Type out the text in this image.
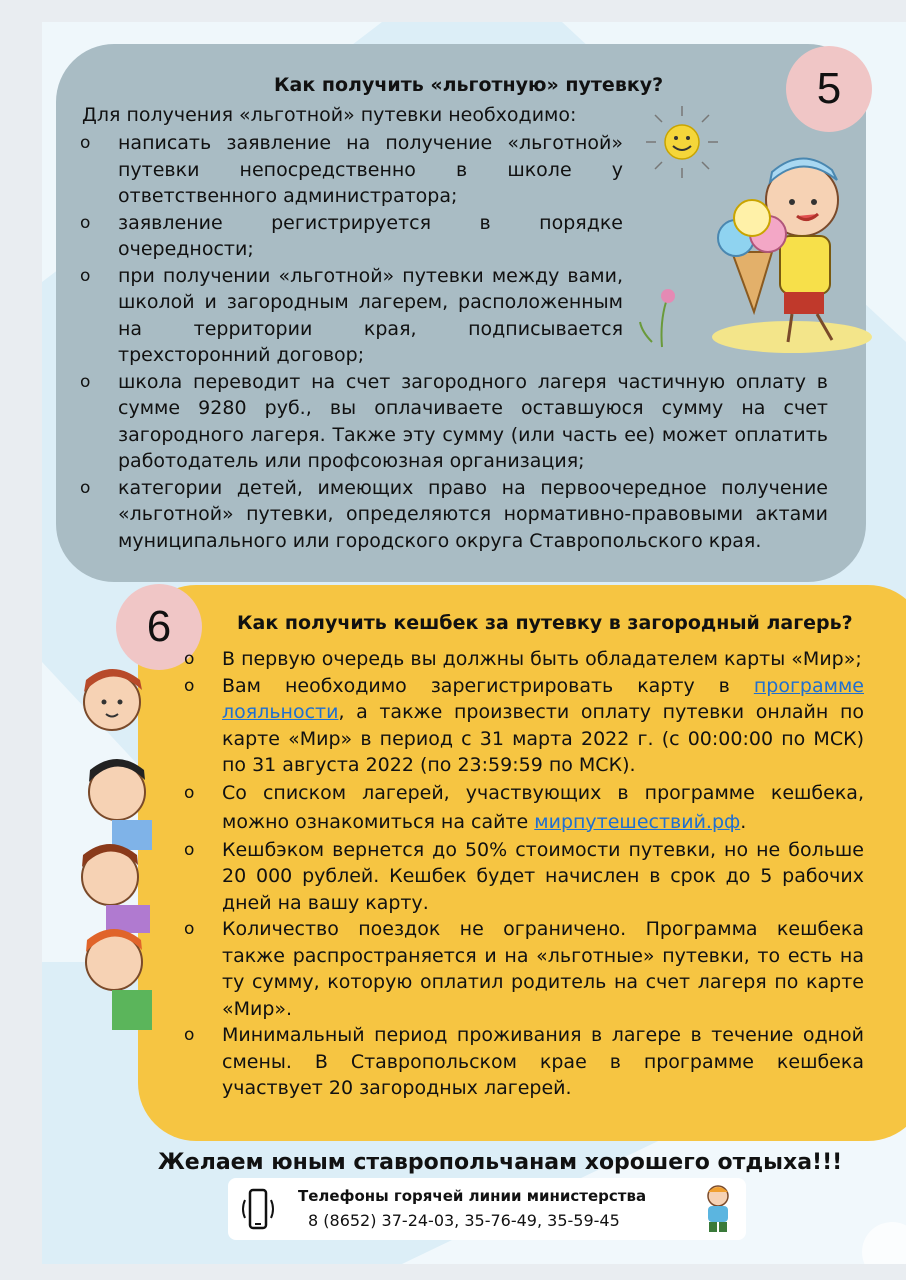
5
Как получить «льготную» путевку?
Для получения «льготной» путевки необходимо:
o написать заявление на получение «льготной» путевки непосредственно в школе у ответственного администратора;
o заявление регистрируется в порядке очередности;
o при получении «льготной» путевки между вами, школой и загородным лагерем, расположенным на территории края, подписывается трехсторонний договор;
o школа переводит на счет загородного лагеря частичную оплату в сумме 9280 руб., вы оплачиваете оставшуюся сумму на счет загородного лагеря. Также эту сумму (или часть ее) может оплатить работодатель или профсоюзная организация;
o категории детей, имеющих право на первоочередное получение «льготной» путевки, определяются нормативно-правовыми актами муниципального или городского округа Ставропольского края.
6	Как получить кешбек за путевку в загородный лагерь?
o В первую очередь вы должны быть обладателем карты «Мир»;
o Вам необходимо зарегистрировать карту в программе лояльности, а также произвести оплату путевки онлайн по карте «Мир» в период с 31 марта 2022 г. (с 00:00:00 по МСК) по 31 августа 2022 (по 23:59:59 по МСК).
o Со списком лагерей, участвующих в программе кешбека, можно ознакомиться на сайте мирпутешествий.рф.
o Кешбэком вернется до 50% стоимости путевки, но не больше 20 000 рублей. Кешбек будет начислен в срок до 5 рабочих дней на вашу карту.
o Количество поездок не ограничено. Программа кешбека также распространяется и на «льготные» путевки, то есть на ту сумму, которую оплатил родитель на счет лагеря по карте «Мир».
o Минимальный период проживания в лагере в течение одной смены. В Ставропольском крае в программе кешбека участвует 20 загородных лагерей.
Желаем юным ставропольчанам хорошего отдыха!!!
Телефоны горячей линии министерства
8 (8652) 37-24-03, 35-76-49, 35-59-45
